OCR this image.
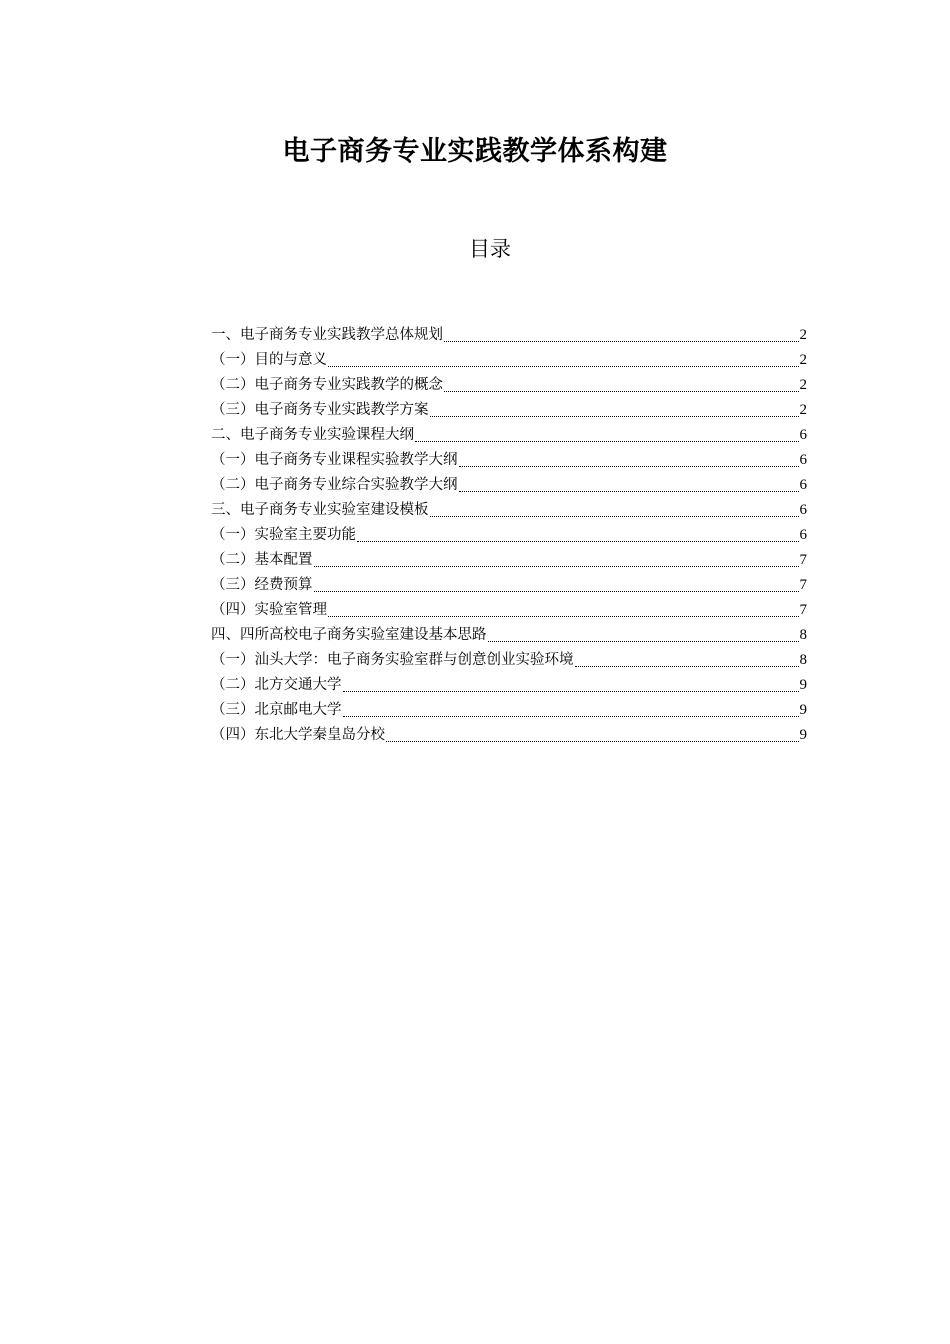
电子商务专业实践教学体系构建
目录
一、电子商务专业实践教学总体规划	2
（一）目的与意义	2
（二）电子商务专业实践教学的概念	2
（三）电子商务专业实践教学方案	2
二、电子商务专业实验课程大纲	6
（一）电子商务专业课程实验教学大纲	6
（二）电子商务专业综合实验教学大纲	6
三、电子商务专业实验室建设模板	6
（一）实验室主要功能	6
（二）基本配置	7
（三）经费预算	7
（四）实验室管理	7
四、四所高校电子商务实验室建设基本思路	8
（一）汕头大学：电子商务实验室群与创意创业实验环境	8
（二）北方交通大学	9
（三）北京邮电大学	9
（四）东北大学秦皇岛分校	9
